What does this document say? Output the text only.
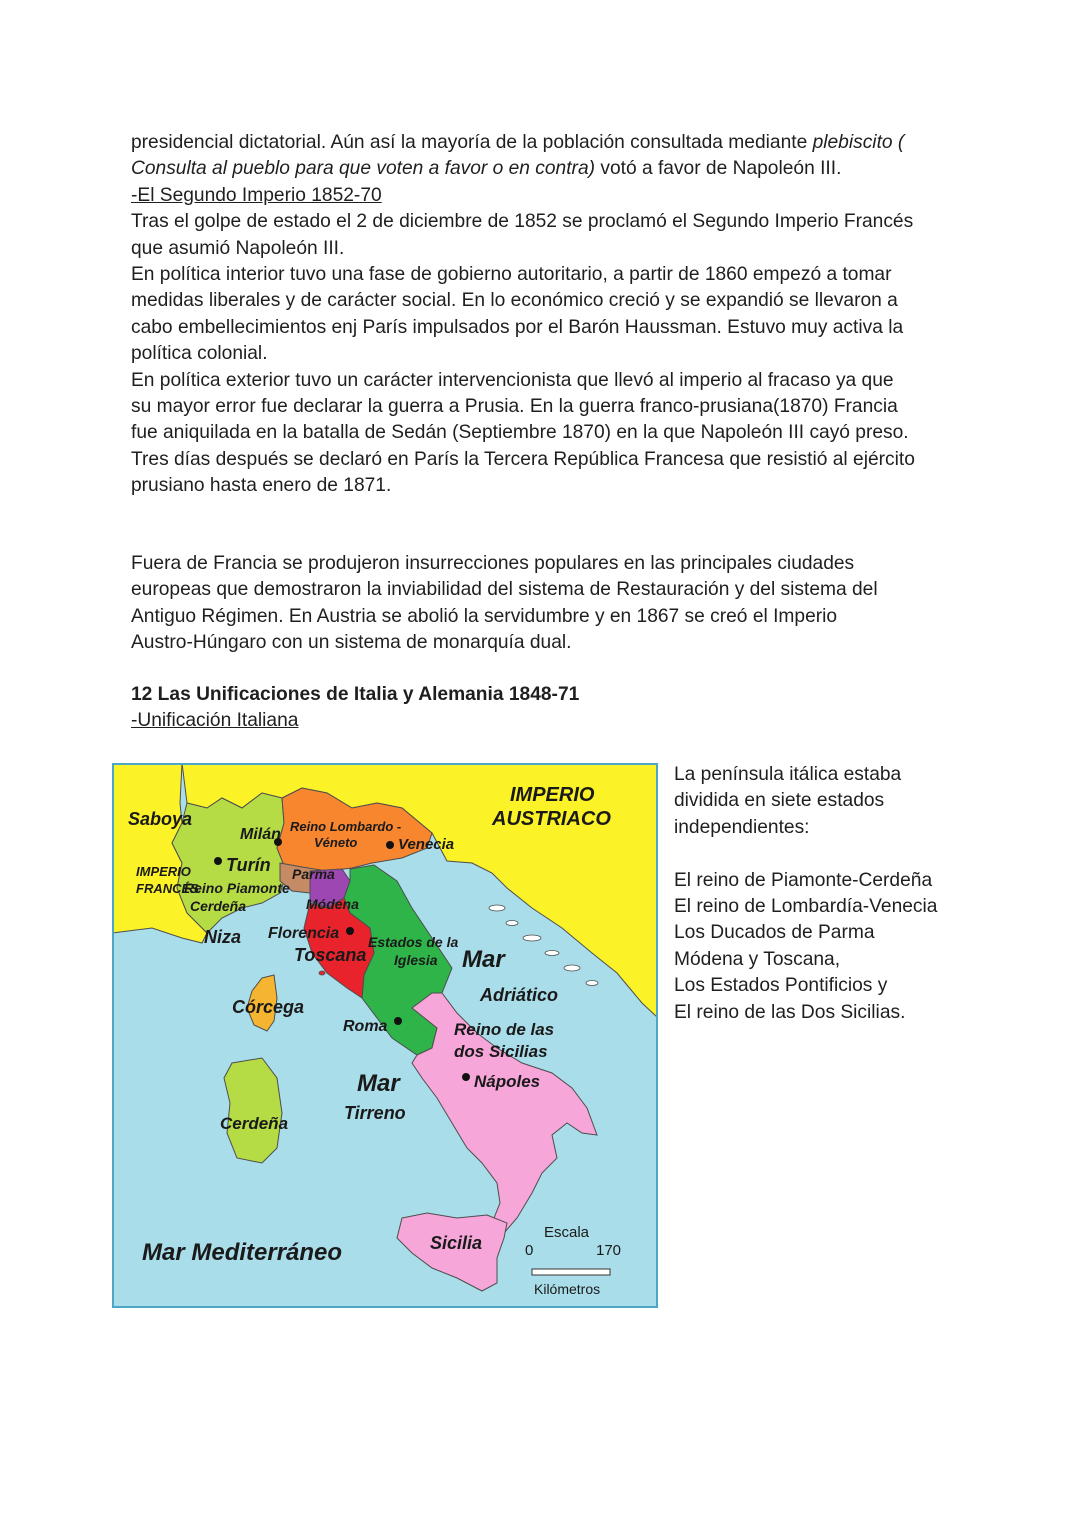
presidencial dictatorial. Aún así la mayoría de la población consultada mediante plebiscito (
Consulta al pueblo para que voten a favor o en contra) votó a favor de Napoleón III.
-El Segundo Imperio 1852-70
Tras el golpe de estado el 2 de diciembre de 1852 se proclamó el Segundo Imperio Francés
que asumió Napoleón III.
En política interior tuvo una fase de gobierno autoritario, a partir de 1860 empezó a tomar
medidas liberales y de carácter social. En lo económico creció y se expandió se llevaron a
cabo embellecimientos enj París impulsados por el Barón Haussman. Estuvo muy activa la
política colonial.
En política exterior tuvo un carácter intervencionista que llevó al imperio al fracaso ya que
su mayor error fue declarar la guerra a Prusia. En la guerra franco-prusiana(1870) Francia
fue aniquilada en la batalla de Sedán (Septiembre 1870) en la que Napoleón III cayó preso.
Tres días después se declaró en París la Tercera República Francesa que resistió al ejército
prusiano hasta enero de 1871.
Fuera de Francia se produjeron insurrecciones populares en las principales ciudades
europeas que demostraron la inviabilidad del sistema de Restauración y del sistema del
Antiguo Régimen. En Austria se abolió la servidumbre y en 1867 se creó el Imperio
Austro-Húngaro con un sistema de monarquía dual.
12 Las Unificaciones de Italia y Alemania 1848-71
-Unificación Italiana
IMPERIO
AUSTRIACO
Saboya
Milán Reino Lombardo -
Véneto	Venecia
IMPERIO
FRANCÉS
Turín
Reino Piamonte
Cerdeña
Parma
Módena
Niza Florencia
Toscana
Estados de la
Iglesia Mar
Adriático
Córcega
Roma	Reino de las
dos Sicilias
Nápoles
Mar
Tirreno
Cerdeña
Mar Mediterráneo	Sicilia
Escala
0	170
Kilómetros
La península itálica estaba
dividida en siete estados
independientes:
El reino de Piamonte-Cerdeña
El reino de Lombardía-Venecia
Los Ducados de Parma
Módena y Toscana,
Los Estados Pontificios y
El reino de las Dos Sicilias.
